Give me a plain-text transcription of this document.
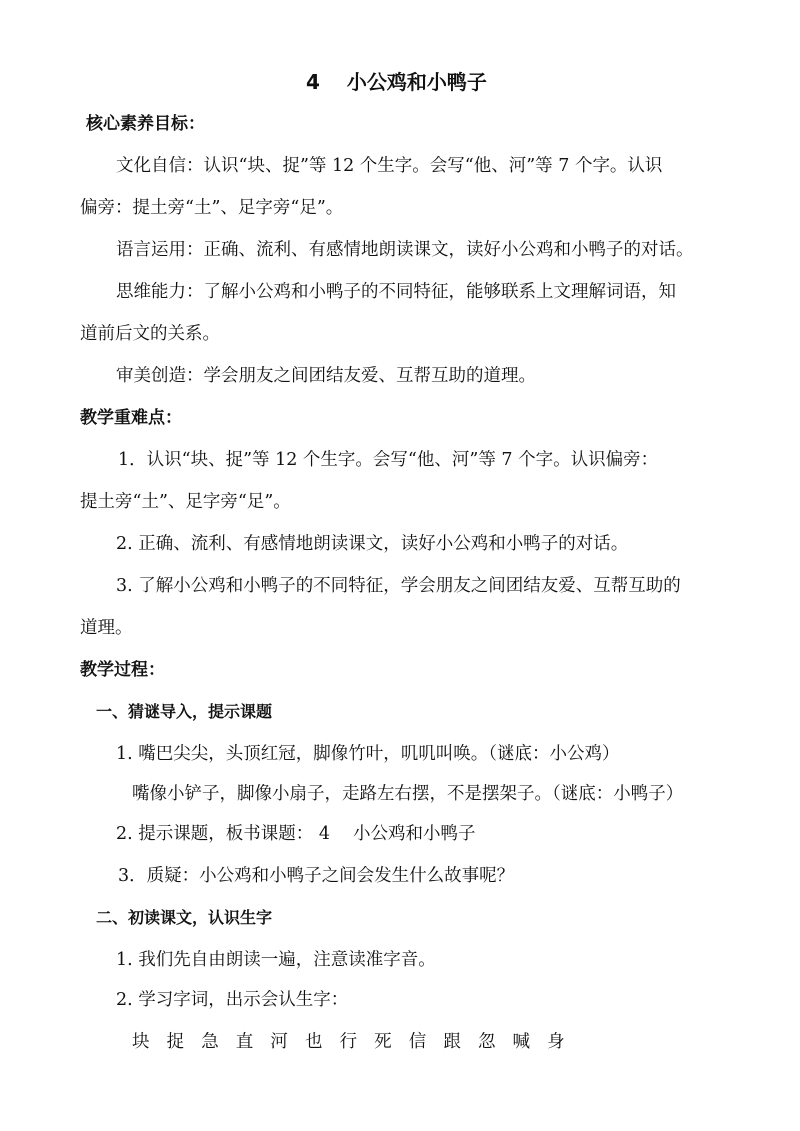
4　 小公鸡和小鸭子
核心素养目标：
文化自信：认识“块、捉”等 12 个生字。会写“他、河”等 7 个字。认识
偏旁：提土旁“土”、足字旁“足”。
语言运用：正确、流利、有感情地朗读课文，读好小公鸡和小鸭子的对话。
思维能力：了解小公鸡和小鸭子的不同特征，能够联系上文理解词语，知
道前后文的关系。
审美创造：学会朋友之间团结友爱、互帮互助的道理。
教学重难点：
1．认识“块、捉”等 12 个生字。会写“他、河”等 7 个字。认识偏旁：
提土旁“土”、足字旁“足”。
2. 正确、流利、有感情地朗读课文，读好小公鸡和小鸭子的对话。
3. 了解小公鸡和小鸭子的不同特征，学会朋友之间团结友爱、互帮互助的
道理。
教学过程：
一、猜谜导入，提示课题
1. 嘴巴尖尖，头顶红冠，脚像竹叶，叽叽叫唤。（谜底：小公鸡）
嘴像小铲子，脚像小扇子，走路左右摆，不是摆架子。（谜底：小鸭子）
2. 提示课题，板书课题： 4　 小公鸡和小鸭子
3．质疑：小公鸡和小鸭子之间会发生什么故事呢？
二、初读课文，认识生字
1. 我们先自由朗读一遍，注意读准字音。
2. 学习字词，出示会认生字：
块 捉 急 直 河 也 行 死 信 跟 忽 喊 身
